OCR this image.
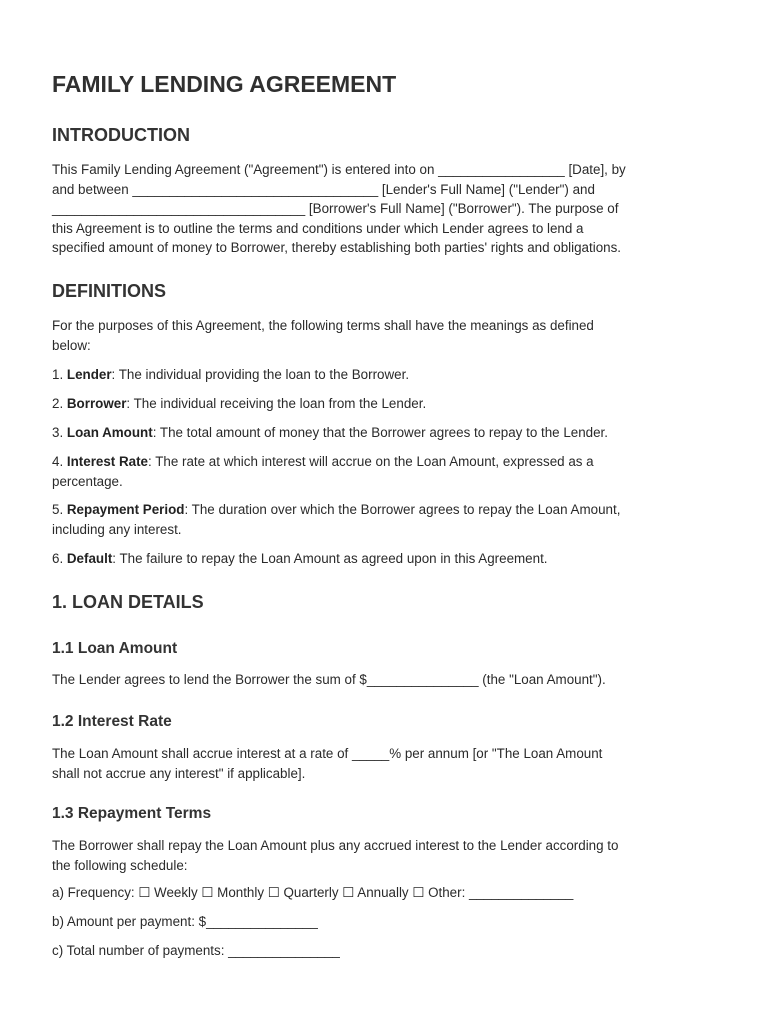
FAMILY LENDING AGREEMENT
INTRODUCTION
This Family Lending Agreement ("Agreement") is entered into on _________________ [Date], by
and between _________________________________ [Lender's Full Name] ("Lender") and
__________________________________ [Borrower's Full Name] ("Borrower"). The purpose of
this Agreement is to outline the terms and conditions under which Lender agrees to lend a
specified amount of money to Borrower, thereby establishing both parties' rights and obligations.
DEFINITIONS
For the purposes of this Agreement, the following terms shall have the meanings as defined
below:
1. Lender: The individual providing the loan to the Borrower.
2. Borrower: The individual receiving the loan from the Lender.
3. Loan Amount: The total amount of money that the Borrower agrees to repay to the Lender.
4. Interest Rate: The rate at which interest will accrue on the Loan Amount, expressed as a
percentage.
5. Repayment Period: The duration over which the Borrower agrees to repay the Loan Amount,
including any interest.
6. Default: The failure to repay the Loan Amount as agreed upon in this Agreement.
1. LOAN DETAILS
1.1 Loan Amount
The Lender agrees to lend the Borrower the sum of $_______________ (the "Loan Amount").
1.2 Interest Rate
The Loan Amount shall accrue interest at a rate of _____% per annum [or "The Loan Amount
shall not accrue any interest" if applicable].
1.3 Repayment Terms
The Borrower shall repay the Loan Amount plus any accrued interest to the Lender according to
the following schedule:
a) Frequency: ☐ Weekly ☐ Monthly ☐ Quarterly ☐ Annually ☐ Other: ______________
b) Amount per payment: $_______________
c) Total number of payments: _______________
